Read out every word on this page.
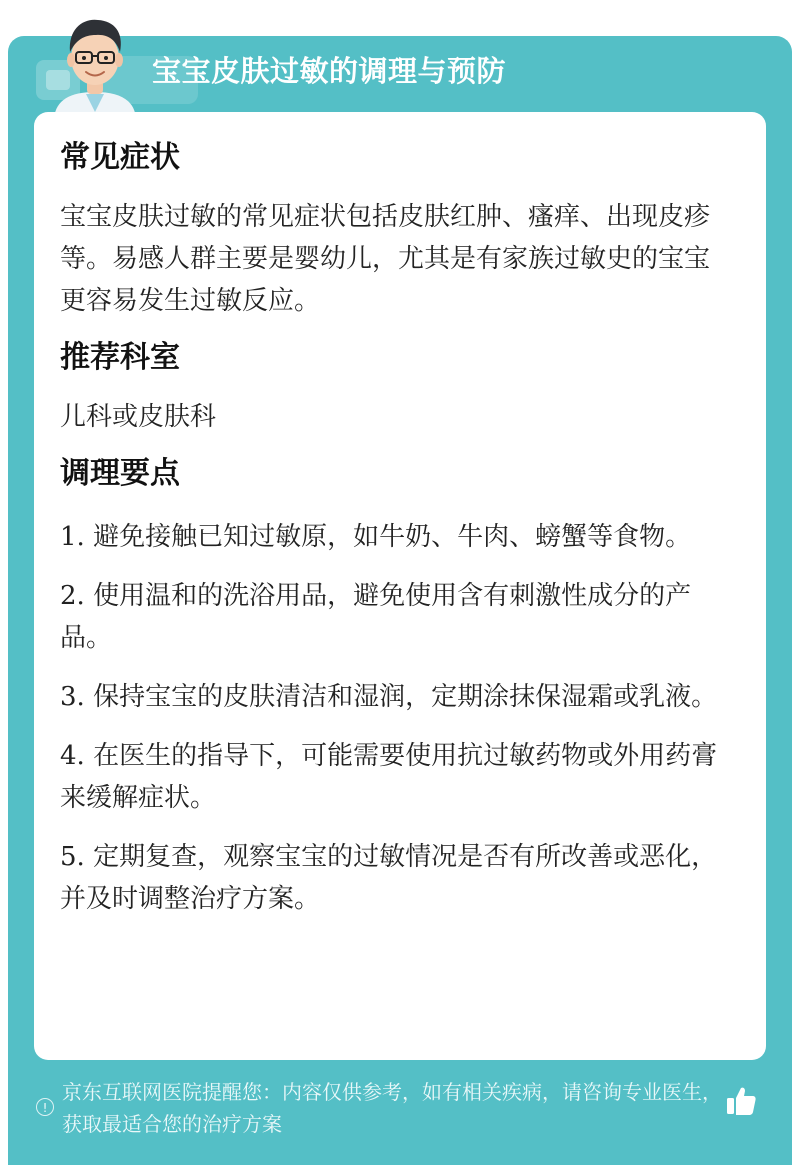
宝宝皮肤过敏的调理与预防
常见症状

宝宝皮肤过敏的常见症状包括皮肤红肿、瘙痒、出现皮疹等。易感人群主要是婴幼儿，尤其是有家族过敏史的宝宝更容易发生过敏反应。

推荐科室

儿科或皮肤科

调理要点
1. 避免接触已知过敏原，如牛奶、牛肉、螃蟹等食物。
2. 使用温和的洗浴用品，避免使用含有刺激性成分的产品。
3. 保持宝宝的皮肤清洁和湿润，定期涂抹保湿霜或乳液。
4. 在医生的指导下，可能需要使用抗过敏药物或外用药膏来缓解症状。
5. 定期复查，观察宝宝的过敏情况是否有所改善或恶化，并及时调整治疗方案。
!
京东互联网医院提醒您：内容仅供参考，如有相关疾病，请咨询专业医生，获取最适合您的治疗方案
